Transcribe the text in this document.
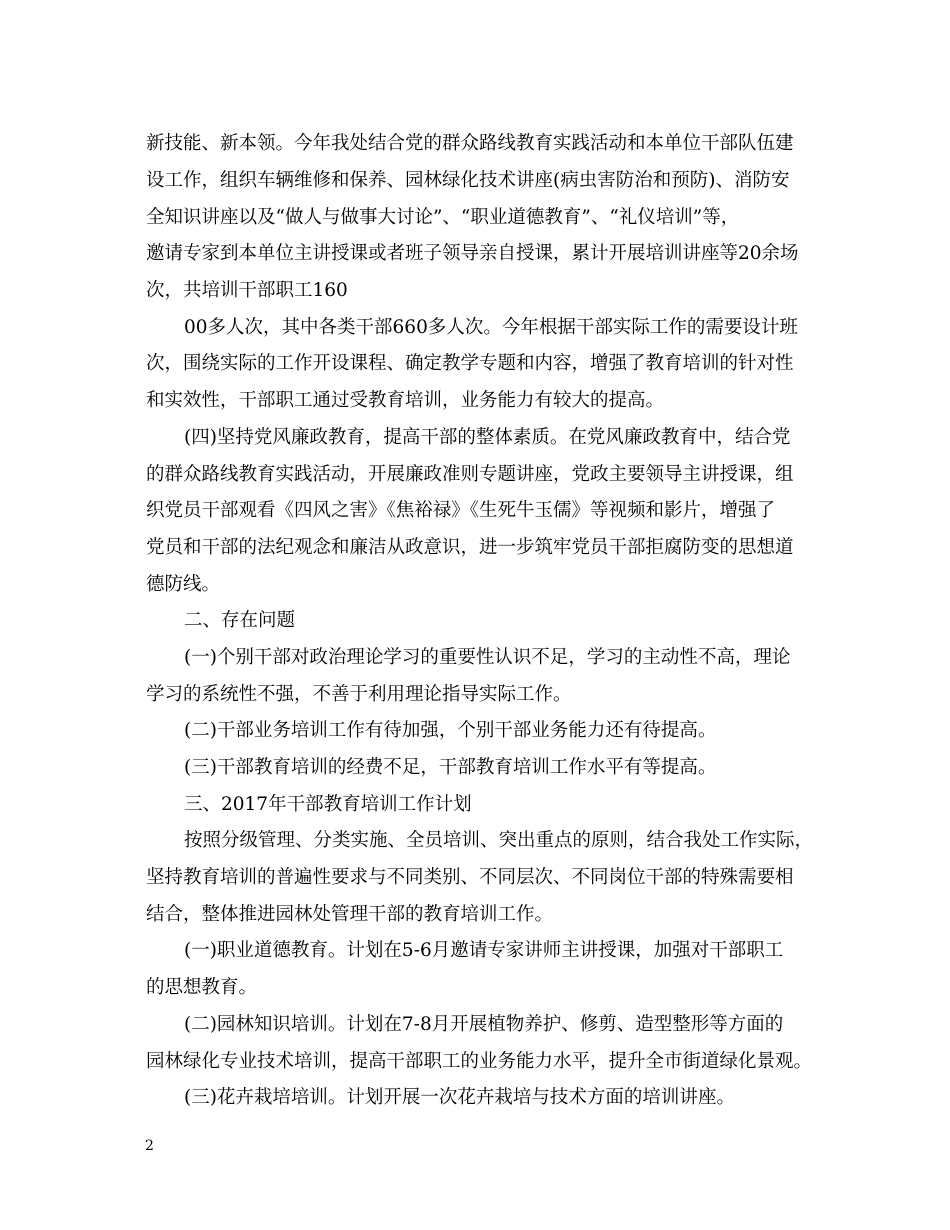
新技能、新本领。今年我处结合党的群众路线教育实践活动和本单位干部队伍建
设工作，组织车辆维修和保养、园林绿化技术讲座(病虫害防治和预防)、消防安
全知识讲座以及“做人与做事大讨论”、“职业道德教育”、“礼仪培训”等，
邀请专家到本单位主讲授课或者班子领导亲自授课，累计开展培训讲座等20余场
次，共培训干部职工160
00多人次，其中各类干部660多人次。今年根据干部实际工作的需要设计班
次，围绕实际的工作开设课程、确定教学专题和内容，增强了教育培训的针对性
和实效性，干部职工通过受教育培训，业务能力有较大的提高。
(四)坚持党风廉政教育，提高干部的整体素质。在党风廉政教育中，结合党
的群众路线教育实践活动，开展廉政准则专题讲座，党政主要领导主讲授课，组
织党员干部观看《四风之害》《焦裕禄》《生死牛玉儒》等视频和影片，增强了
党员和干部的法纪观念和廉洁从政意识，进一步筑牢党员干部拒腐防变的思想道
德防线。
二、存在问题
(一)个别干部对政治理论学习的重要性认识不足，学习的主动性不高，理论
学习的系统性不强，不善于利用理论指导实际工作。
(二)干部业务培训工作有待加强，个别干部业务能力还有待提高。
(三)干部教育培训的经费不足，干部教育培训工作水平有等提高。
三、2017年干部教育培训工作计划
按照分级管理、分类实施、全员培训、突出重点的原则，结合我处工作实际，
坚持教育培训的普遍性要求与不同类别、不同层次、不同岗位干部的特殊需要相
结合，整体推进园林处管理干部的教育培训工作。
(一)职业道德教育。计划在5-6月邀请专家讲师主讲授课，加强对干部职工
的思想教育。
(二)园林知识培训。计划在7-8月开展植物养护、修剪、造型整形等方面的
园林绿化专业技术培训，提高干部职工的业务能力水平，提升全市街道绿化景观。
(三)花卉栽培培训。计划开展一次花卉栽培与技术方面的培训讲座。
2
